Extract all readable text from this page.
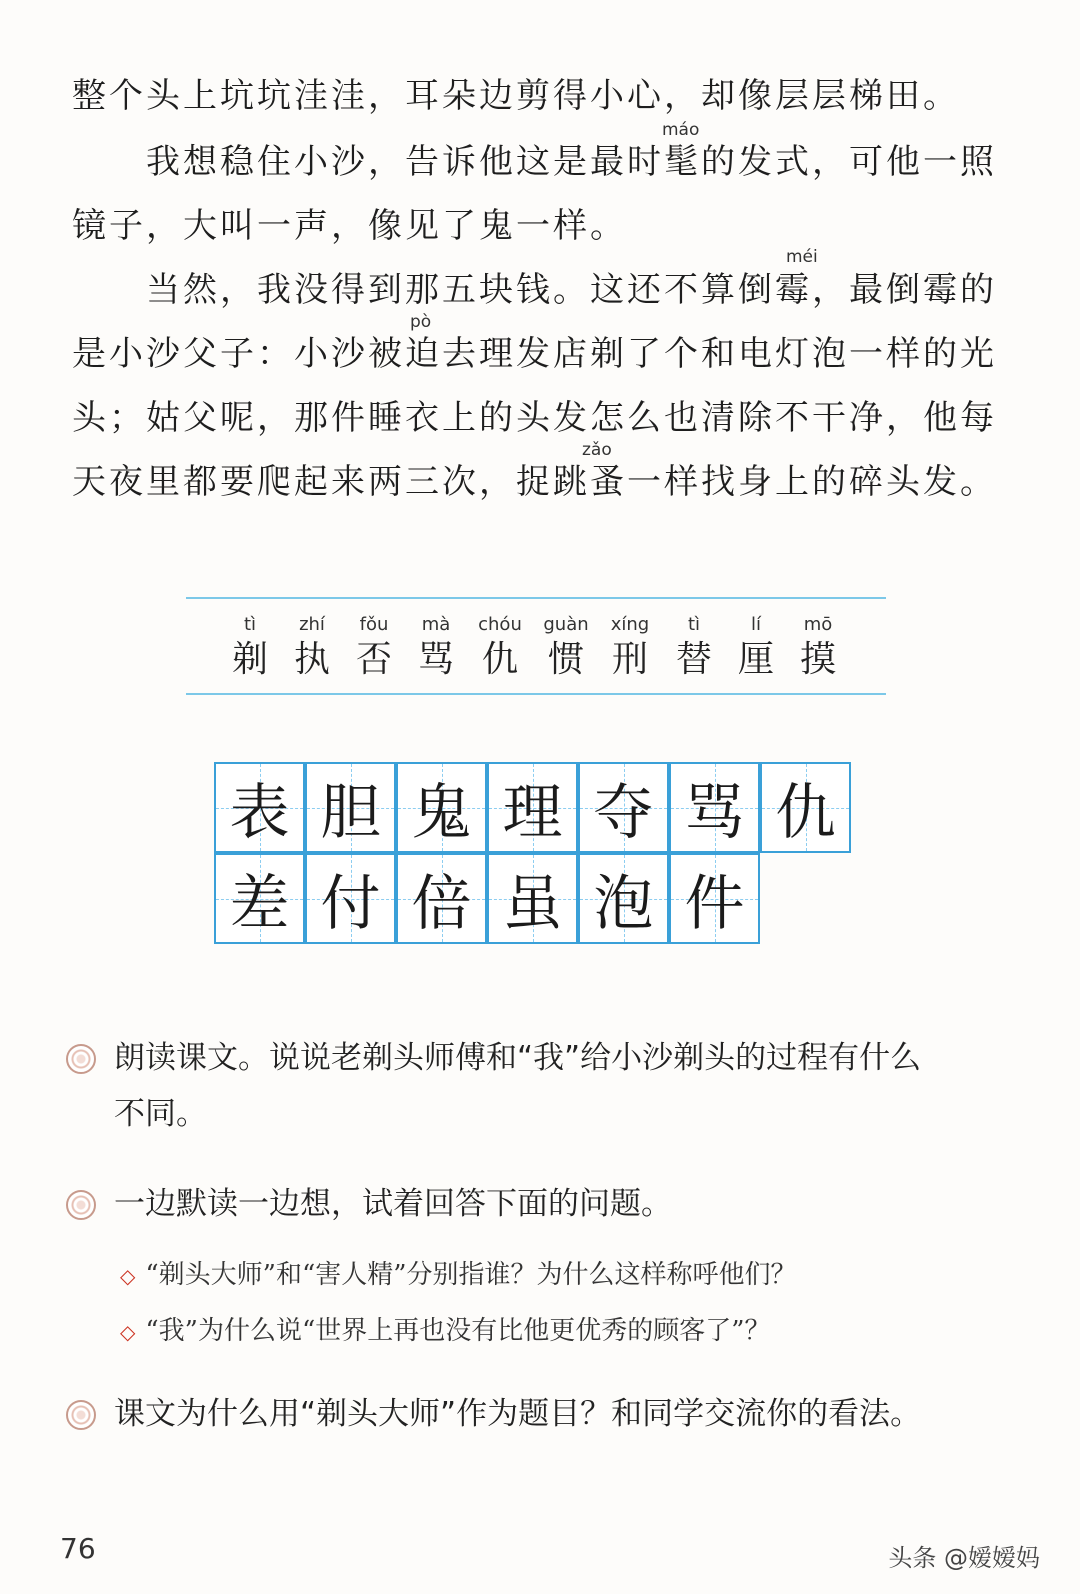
整个头上坑坑洼洼，耳朵边剪得小心，却像层层梯田。
máo
我想稳住小沙，告诉他这是最时髦的发式，可他一照
镜子，大叫一声，像见了鬼一样。
méi
当然，我没得到那五块钱。这还不算倒霉，最倒霉的
pò
是小沙父子：小沙被迫去理发店剃了个和电灯泡一样的光
头；姑父呢，那件睡衣上的头发怎么也清除不干净，他每
zǎo
天夜里都要爬起来两三次，捉跳蚤一样找身上的碎头发。
tì
剃
zhí
执
fǒu
否
mà
骂
chóu
仇
guàn
惯
xíng
刑
tì
替
lí
厘
mō
摸
表 胆 鬼 理 夺 骂 仇
差 付 倍 虽 泡 件
朗读课文。说说老剃头师傅和“我”给小沙剃头的过程有什么
不同。
一边默读一边想，试着回答下面的问题。
◇ “剃头大师”和“害人精”分别指谁？为什么这样称呼他们？
◇ “我”为什么说“世界上再也没有比他更优秀的顾客了”？
课文为什么用“剃头大师”作为题目？和同学交流你的看法。
76	头条 @嫒嫒妈
